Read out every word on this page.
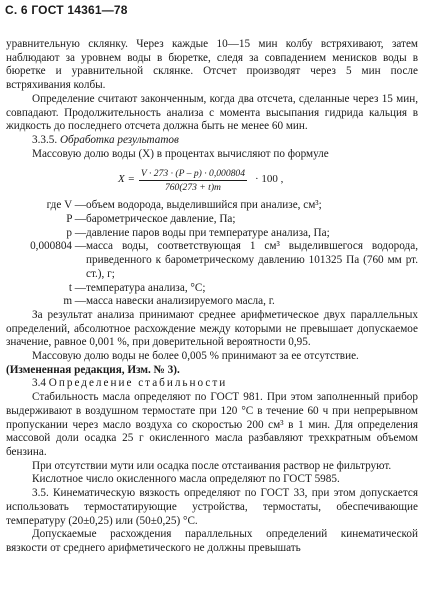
С. 6 ГОСТ 14361—78

уравнительную склянку. Через каждые 10—15 мин колбу встряхивают, затем наблюдают за уровнем воды в бюретке, следя за совпадением менисков воды в бюретке и уравнительной склянке. Отсчет производят через 5 мин после встряхивания колбы.

Определение считают законченным, когда два отсчета, сделанные через 15 мин, совпадают. Продолжительность анализа с момента высыпания гидрида кальция в жидкость до последнего отсчета должна быть не менее 60 мин.

3.3.5. Обработка результатов

Массовую долю воды (X) в процентах вычисляют по формуле

$X = \frac{V \cdot 273 \cdot (P - p) \cdot 0,000804}{760(273 + t)m} \cdot 100$ ,
где V —	объем водорода, выделившийся при анализе, см³;
P —	барометрическое давление, Па;
p —	давление паров воды при температуре анализа, Па;
0,000804 —	масса воды, соответствующая 1 см³ выделившегося водорода, приведенного к барометрическому давлению 101325 Па (760 мм рт. ст.), г;
t —	температура анализа, °С;
m —	масса навески анализируемого масла, г.

За результат анализа принимают среднее арифметическое двух параллельных определений, абсолютное расхождение между которыми не превышает допускаемое значение, равное 0,001 %, при доверительной вероятности 0,95.

Массовую долю воды не более 0,005 % принимают за ее отсутствие.

(Измененная редакция, Изм. № 3).

3.4 Определение стабильности

Стабильность масла определяют по ГОСТ 981. При этом заполненный прибор выдерживают в воздушном термостате при 120 °С в течение 60 ч при непрерывном пропускании через масло воздуха со скоростью 200 см³ в 1 мин. Для определения массовой доли осадка 25 г окисленного масла разбавляют трехкратным объемом бензина.

При отсутствии мути или осадка после отстаивания раствор не фильтруют.

Кислотное число окисленного масла определяют по ГОСТ 5985.

3.5. Кинематическую вязкость определяют по ГОСТ 33, при этом допускается использовать термостатирующие устройства, термостаты, обеспечивающие температуру (20±0,25) или (50±0,25) °С.

Допускаемые расхождения параллельных определений кинематической вязкости от среднего арифметического не должны превышать
